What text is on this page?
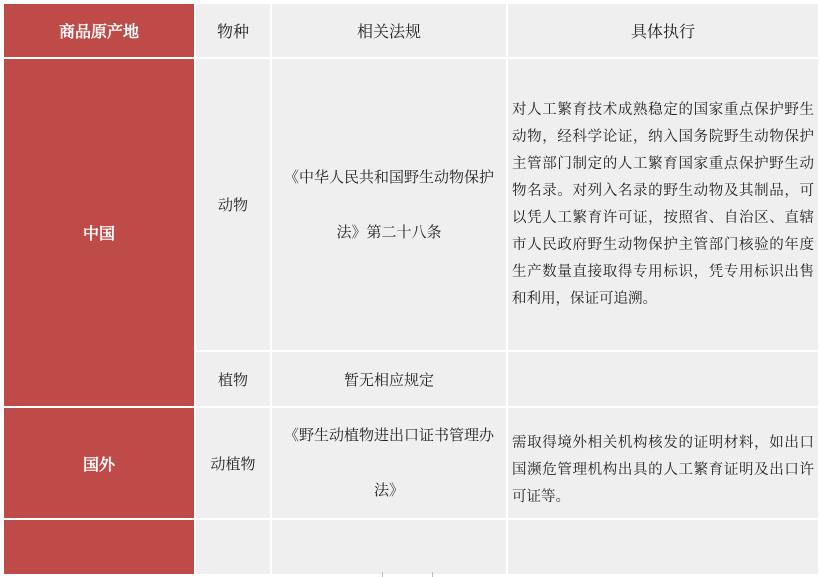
商品原产地	物种	相关法规	具体执行
中国	动物	《中华人民共和国野生动物保护法》第二十八条	对人工繁育技术成熟稳定的国家重点保护野生动物，经科学论证，纳入国务院野生动物保护主管部门制定的人工繁育国家重点保护野生动物名录。对列入名录的野生动物及其制品，可以凭人工繁育许可证，按照省、自治区、直辖市人民政府野生动物保护主管部门核验的年度生产数量直接取得专用标识，凭专用标识出售和利用，保证可追溯。

	植物	暂无相应规定	
国外	动植物	《野生动植物进出口证书管理办法》	需取得境外相关机构核发的证明材料，如出口国濒危管理机构出具的人工繁育证明及出口许可证等。
